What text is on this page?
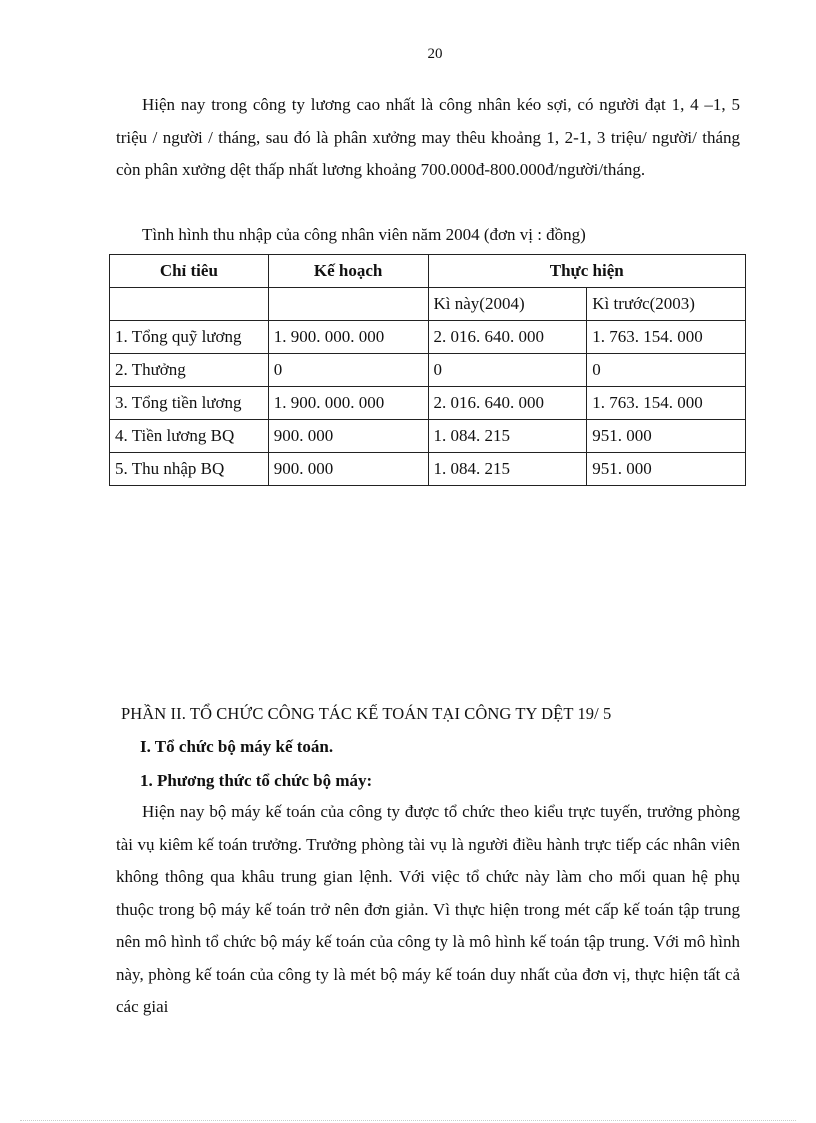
20

Hiện nay trong công ty lương cao nhất là công nhân kéo sợi, có người đạt 1, 4 –1, 5 triệu / người / tháng, sau đó là phân xưởng may thêu khoảng 1, 2-1, 3 triệu/ người/ tháng còn phân xưởng dệt thấp nhất lương khoảng 700.000đ-800.000đ/người/tháng.

Tình hình thu nhập của công nhân viên năm 2004 (đơn vị : đồng)

Chỉ tiêu	Kế hoạch	Thực hiện	
		Kì này(2004)	Kì trước(2003)
1. Tổng quỹ lương	1. 900. 000. 000	2. 016. 640. 000	1. 763. 154. 000
2. Thưởng	0	0	0
3. Tổng tiền lương	1. 900. 000. 000	2. 016. 640. 000	1. 763. 154. 000
4. Tiền lương BQ	900. 000	1. 084. 215	951. 000
5. Thu nhập BQ	900. 000	1. 084. 215	951. 000

PHẦN II. TỔ CHỨC CÔNG TÁC KẾ TOÁN TẠI CÔNG TY DỆT 19/ 5

I. Tổ chức bộ máy kế toán.

1. Phương thức tổ chức bộ máy:

Hiện nay bộ máy kế toán của công ty được tổ chức theo kiểu trực tuyến, trưởng phòng tài vụ kiêm kế toán trưởng. Trưởng phòng tài vụ là người điều hành trực tiếp các nhân viên không thông qua khâu trung gian lệnh. Với việc tổ chức này làm cho mối quan hệ phụ thuộc trong bộ máy kế toán trở nên đơn giản. Vì thực hiện trong mét cấp kế toán tập trung nên mô hình tổ chức bộ máy kế toán của công ty là mô hình kế toán tập trung. Với mô hình này, phòng kế toán của công ty là mét bộ máy kế toán duy nhất của đơn vị, thực hiện tất cả các giai
